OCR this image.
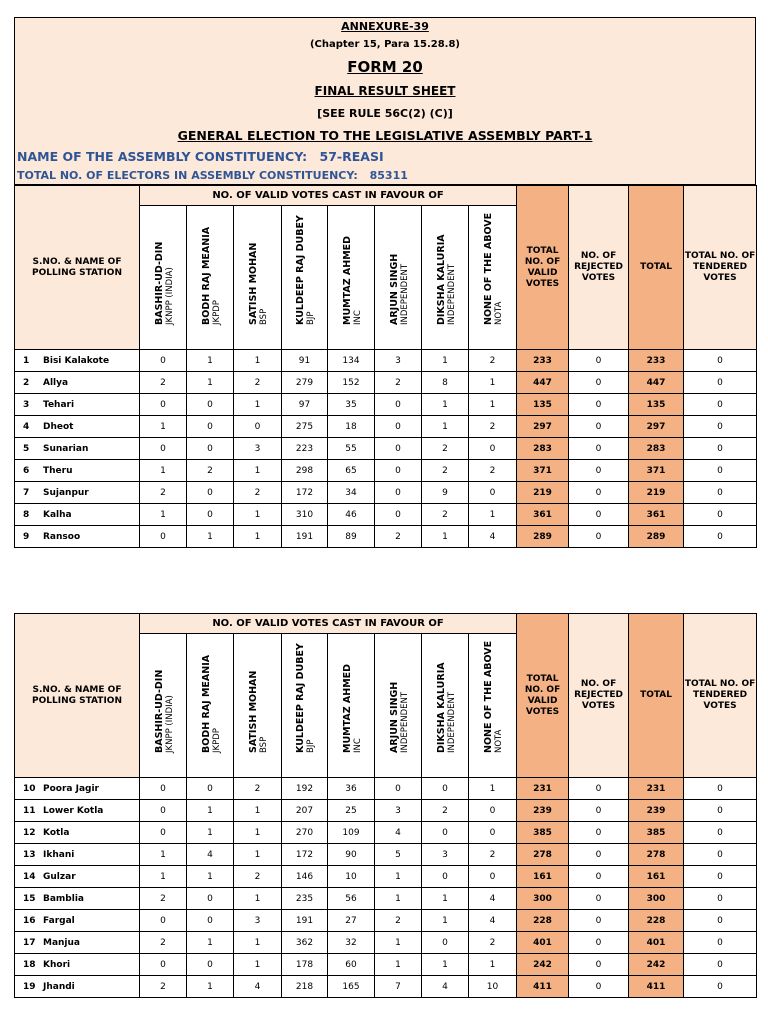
ANNEXURE-39
(Chapter 15, Para 15.28.8)
FORM 20
FINAL RESULT SHEET
[SEE RULE 56C(2) (C)]
GENERAL ELECTION TO THE LEGISLATIVE ASSEMBLY PART-1
NAME OF THE ASSEMBLY CONSTITUENCY: 57-REASI
TOTAL NO. OF ELECTORS IN ASSEMBLY CONSTITUENCY: 85311
S.NO. & NAME OF POLLING STATION	NO. OF VALID VOTES CAST IN FAVOUR OF								TOTAL NO. OF VALID VOTES	NO. OF REJECTED VOTES	TOTAL	TOTAL NO. OF TENDERED VOTES

	BASHIR-UD-DIN JKNPP (INDIA)	BODH RAJ MEANIA JKPDP	SATISH MOHAN BSP	KULDEEP RAJ DUBEY BJP	MUMTAZ AHMED INC	ARJUN SINGH INDEPENDENT	DIKSHA KALURIA INDEPENDENT	NONE OF THE ABOVE NOTA				

1 Bisi Kalakote	0	1	1	91	134	3	1	2	233	0	233	0
2 Allya	2	1	2	279	152	2	8	1	447	0	447	0
3 Tehari	0	0	1	97	35	0	1	1	135	0	135	0
4 Dheot	1	0	0	275	18	0	1	2	297	0	297	0
5 Sunarian	0	0	3	223	55	0	2	0	283	0	283	0
6 Theru	1	2	1	298	65	0	2	2	371	0	371	0
7 Sujanpur	2	0	2	172	34	0	9	0	219	0	219	0
8 Kalha	1	0	1	310	46	0	2	1	361	0	361	0
9 Ransoo	0	1	1	191	89	2	1	4	289	0	289	0
S.NO. & NAME OF POLLING STATION	NO. OF VALID VOTES CAST IN FAVOUR OF								TOTAL NO. OF VALID VOTES	NO. OF REJECTED VOTES	TOTAL	TOTAL NO. OF TENDERED VOTES

	BASHIR-UD-DIN JKNPP (INDIA)	BODH RAJ MEANIA JKPDP	SATISH MOHAN BSP	KULDEEP RAJ DUBEY BJP	MUMTAZ AHMED INC	ARJUN SINGH INDEPENDENT	DIKSHA KALURIA INDEPENDENT	NONE OF THE ABOVE NOTA				

10 Poora Jagir	0	0	2	192	36	0	0	1	231	0	231	0
11 Lower Kotla	0	1	1	207	25	3	2	0	239	0	239	0
12 Kotla	0	1	1	270	109	4	0	0	385	0	385	0
13 Ikhani	1	4	1	172	90	5	3	2	278	0	278	0
14 Gulzar	1	1	2	146	10	1	0	0	161	0	161	0
15 Bamblia	2	0	1	235	56	1	1	4	300	0	300	0
16 Fargal	0	0	3	191	27	2	1	4	228	0	228	0
17 Manjua	2	1	1	362	32	1	0	2	401	0	401	0
18 Khori	0	0	1	178	60	1	1	1	242	0	242	0
19 Jhandi	2	1	4	218	165	7	4	10	411	0	411	0
